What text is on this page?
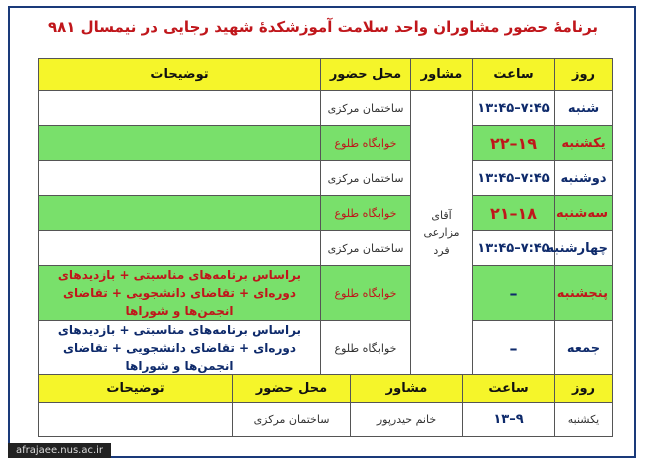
برنامۀ حضور مشاوران واحد سلامت آموزشکدۀ شهید رجایی در نیمسال ۹۸۱
روز	ساعت	مشاور	محل حضور	توضیحات
شنبه	۷:۴۵–۱۳:۴۵	آقای مزارعی فرد	ساختمان مرکزی	
یکشنبه	۱۹–۲۲		خوابگاه طلوع	
دوشنبه	۷:۴۵–۱۳:۴۵		ساختمان مرکزی	
سه‌شنبه	۱۸–۲۱		خوابگاه طلوع	
چهارشنبه	۷:۴۵–۱۳:۴۵		ساختمان مرکزی	
پنجشنبه	–		خوابگاه طلوع	براساس برنامه‌های مناسبتی + بازدیدهای دوره‌ای + تقاضای دانشجویی + تقاضای انجمن‌ها و شوراها
جمعه	–		خوابگاه طلوع	براساس برنامه‌های مناسبتی + بازدیدهای دوره‌ای + تقاضای دانشجویی + تقاضای انجمن‌ها و شوراها
روز	ساعت	مشاور	محل حضور	توضیحات
یکشنبه	۹–۱۳	خانم حیدرپور	ساختمان مرکزی	
afrajaee.nus.ac.ir
